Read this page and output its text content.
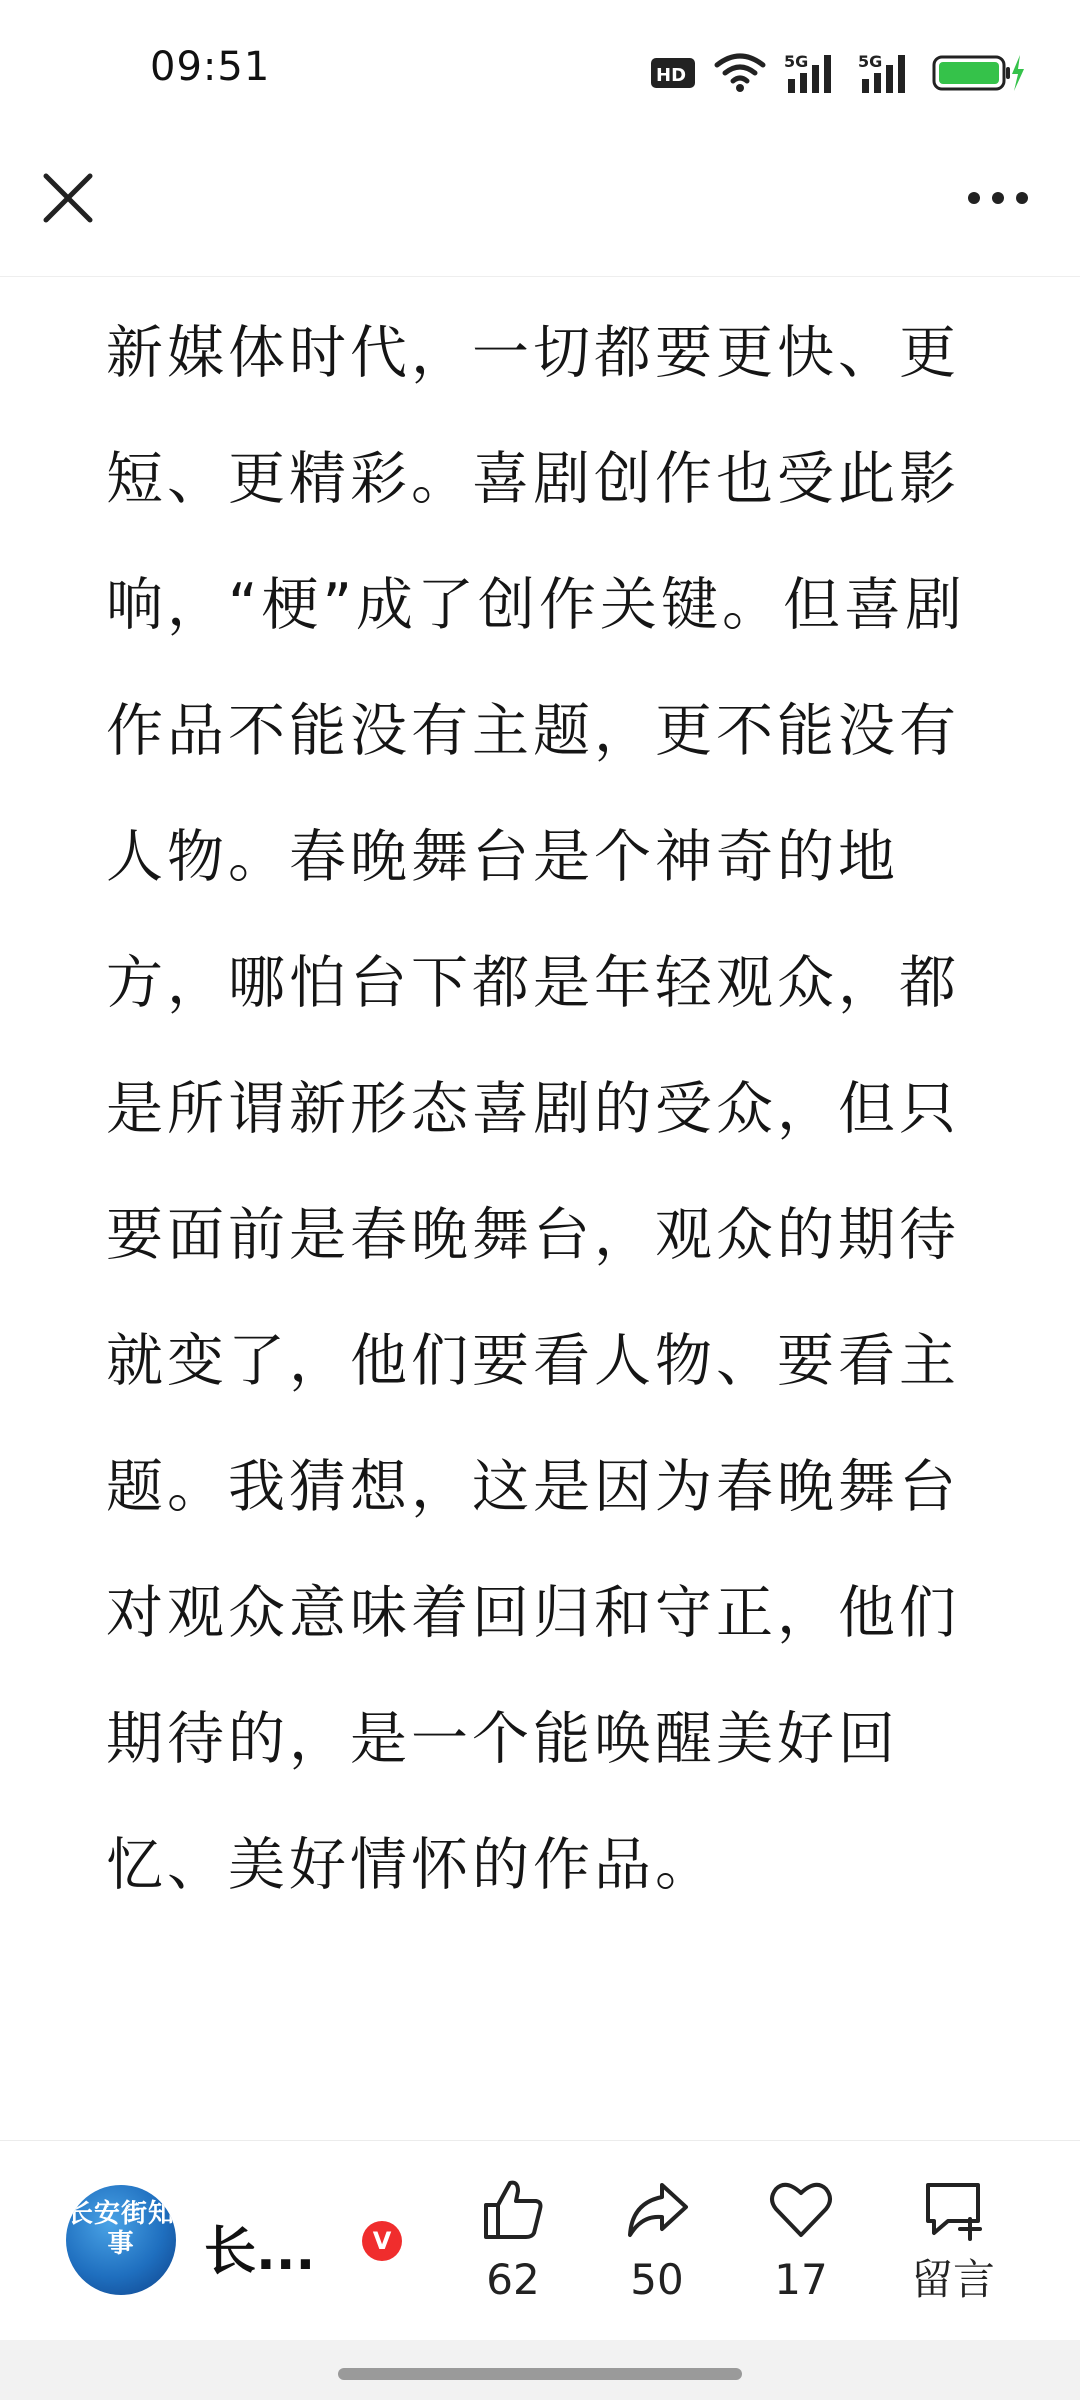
09:51	HD
5G	5G

新媒体时代，一切都要更快、更短、更精彩。喜剧创作也受此影响，“梗”成了创作关键。但喜剧作品不能没有主题，更不能没有人物。春晚舞台是个神奇的地方，哪怕台下都是年轻观众，都是所谓新形态喜剧的受众，但只要面前是春晚舞台，观众的期待就变了，他们要看人物、要看主题。我猜想，这是因为春晚舞台对观众意味着回归和守正，他们期待的，是一个能唤醒美好回忆、美好情怀的作品。

长安街知事	长...	V
62	50	17	留言
